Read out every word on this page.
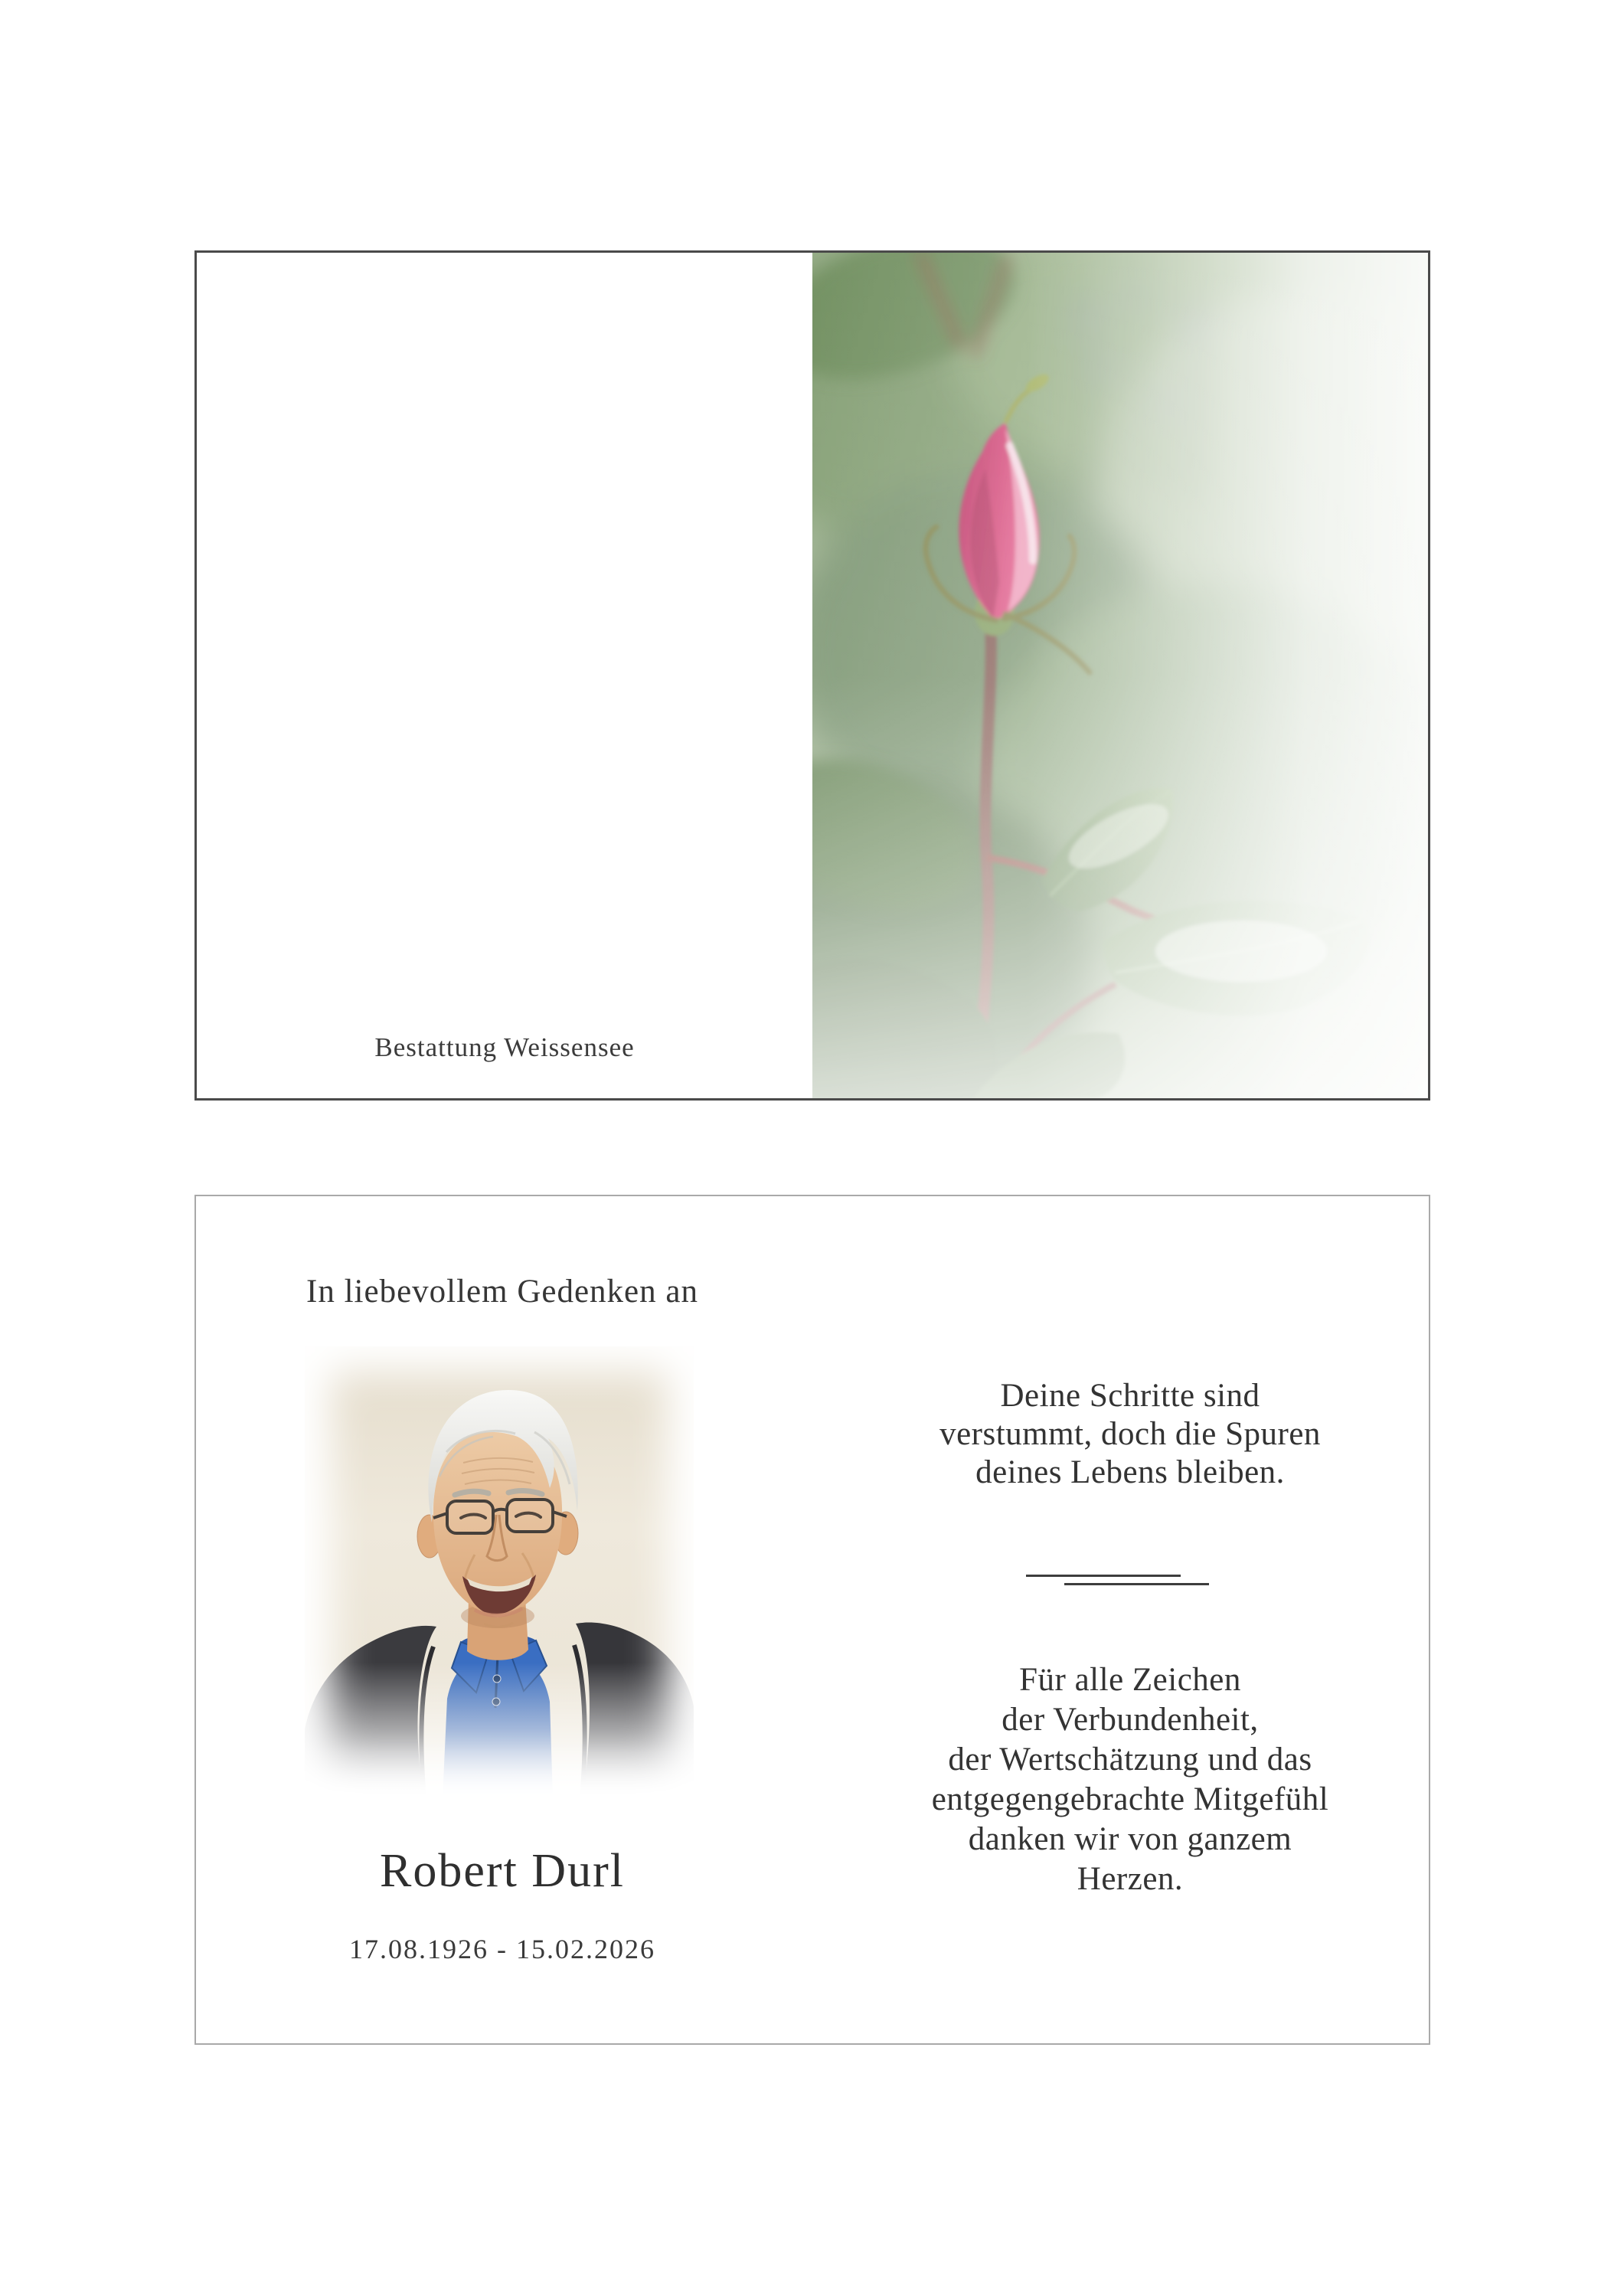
Bestattung Weissensee
In liebevollem Gedenken an
Robert Durl
17.08.1926 - 15.02.2026
Deine Schritte sind
verstummt, doch die Spuren
deines Lebens bleiben.
Für alle Zeichen
der Verbundenheit,
der Wertschätzung und das
entgegengebrachte Mitgefühl
danken wir von ganzem Herzen.
